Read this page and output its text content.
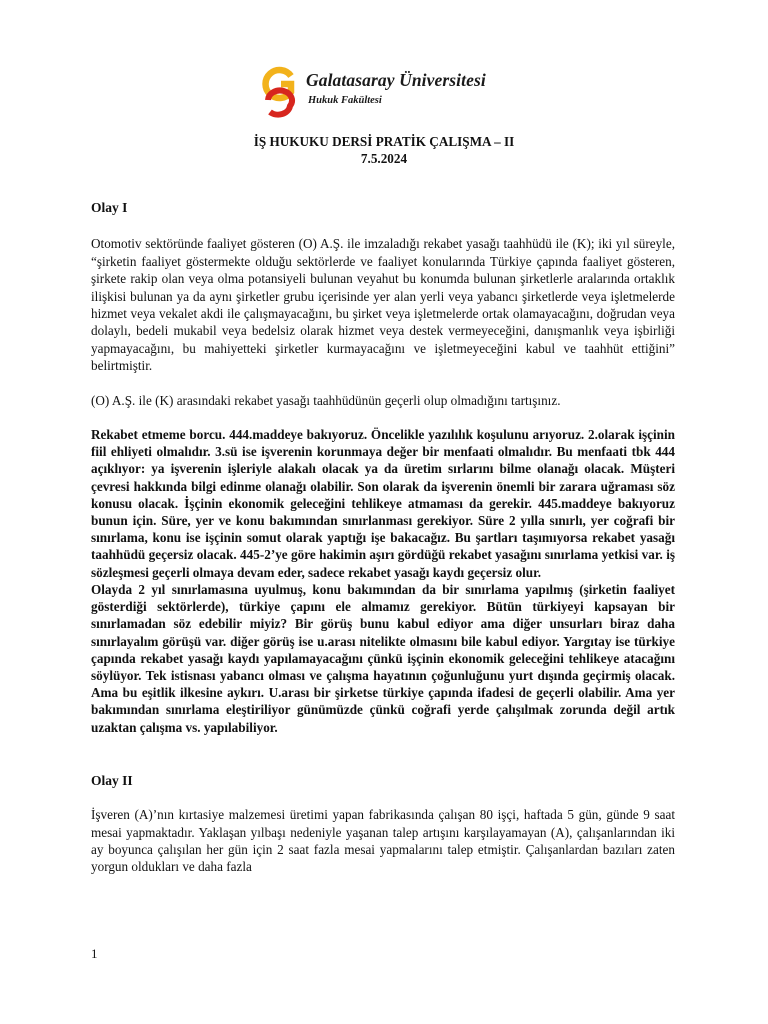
Galatasaray Üniversitesi
Hukuk Fakültesi
İŞ HUKUKU DERSİ PRATİK ÇALIŞMA – II
7.5.2024

Olay I

Otomotiv sektöründe faaliyet gösteren (O) A.Ş. ile imzaladığı rekabet yasağı taahhüdü ile (K); iki yıl süreyle, “şirketin faaliyet göstermekte olduğu sektörlerde ve faaliyet konularında Türkiye çapında faaliyet gösteren, şirkete rakip olan veya olma potansiyeli bulunan veyahut bu konumda bulunan şirketlerle aralarında ortaklık ilişkisi bulunan ya da aynı şirketler grubu içerisinde yer alan yerli veya yabancı şirketlerde veya işletmelerde hizmet veya vekalet akdi ile çalışmayacağını, bu şirket veya işletmelerde ortak olamayacağını, doğrudan veya dolaylı, bedeli mukabil veya bedelsiz olarak hizmet veya destek vermeyeceğini, danışmanlık veya işbirliği yapmayacağını, bu mahiyetteki şirketler kurmayacağını ve işletmeyeceğini kabul ve taahhüt ettiğini” belirtmiştir.

(O) A.Ş. ile (K) arasındaki rekabet yasağı taahhüdünün geçerli olup olmadığını tartışınız.

Rekabet etmeme borcu. 444.maddeye bakıyoruz. Öncelikle yazılılık koşulunu arıyoruz. 2.olarak işçinin fiil ehliyeti olmalıdır. 3.sü ise işverenin korunmaya değer bir menfaati olmalıdır. Bu menfaati tbk 444 açıklıyor: ya işverenin işleriyle alakalı olacak ya da üretim sırlarını bilme olanağı olacak. Müşteri çevresi hakkında bilgi edinme olanağı olabilir. Son olarak da işverenin önemli bir zarara uğraması söz konusu olacak. İşçinin ekonomik geleceğini tehlikeye atmaması da gerekir. 445.maddeye bakıyoruz bunun için. Süre, yer ve konu bakımından sınırlanması gerekiyor. Süre 2 yılla sınırlı, yer coğrafi bir sınırlama, konu ise işçinin somut olarak yaptığı işe bakacağız. Bu şartları taşımıyorsa rekabet yasağı taahhüdü geçersiz olacak. 445-2’ye göre hakimin aşırı gördüğü rekabet yasağını sınırlama yetkisi var. iş sözleşmesi geçerli olmaya devam eder, sadece rekabet yasağı kaydı geçersiz olur.

Olayda 2 yıl sınırlamasına uyulmuş, konu bakımından da bir sınırlama yapılmış (şirketin faaliyet gösterdiği sektörlerde), türkiye çapını ele almamız gerekiyor. Bütün türkiyeyi kapsayan bir sınırlamadan söz edebilir miyiz? Bir görüş bunu kabul ediyor ama diğer unsurları biraz daha sınırlayalım görüşü var. diğer görüş ise u.arası nitelikte olmasını bile kabul ediyor. Yargıtay ise türkiye çapında rekabet yasağı kaydı yapılamayacağını çünkü işçinin ekonomik geleceğini tehlikeye atacağını söylüyor. Tek istisnası yabancı olması ve çalışma hayatının çoğunluğunu yurt dışında geçirmiş olacak. Ama bu eşitlik ilkesine aykırı. U.arası bir şirketse türkiye çapında ifadesi de geçerli olabilir. Ama yer bakımından sınırlama eleştiriliyor günümüzde çünkü coğrafi yerde çalışılmak zorunda değil artık uzaktan çalışma vs. yapılabiliyor.

Olay II

İşveren (A)’nın kırtasiye malzemesi üretimi yapan fabrikasında çalışan 80 işçi, haftada 5 gün, günde 9 saat mesai yapmaktadır. Yaklaşan yılbaşı nedeniyle yaşanan talep artışını karşılayamayan (A), çalışanlarından iki ay boyunca çalışılan her gün için 2 saat fazla mesai yapmalarını talep etmiştir. Çalışanlardan bazıları zaten yorgun oldukları ve daha fazla

1
